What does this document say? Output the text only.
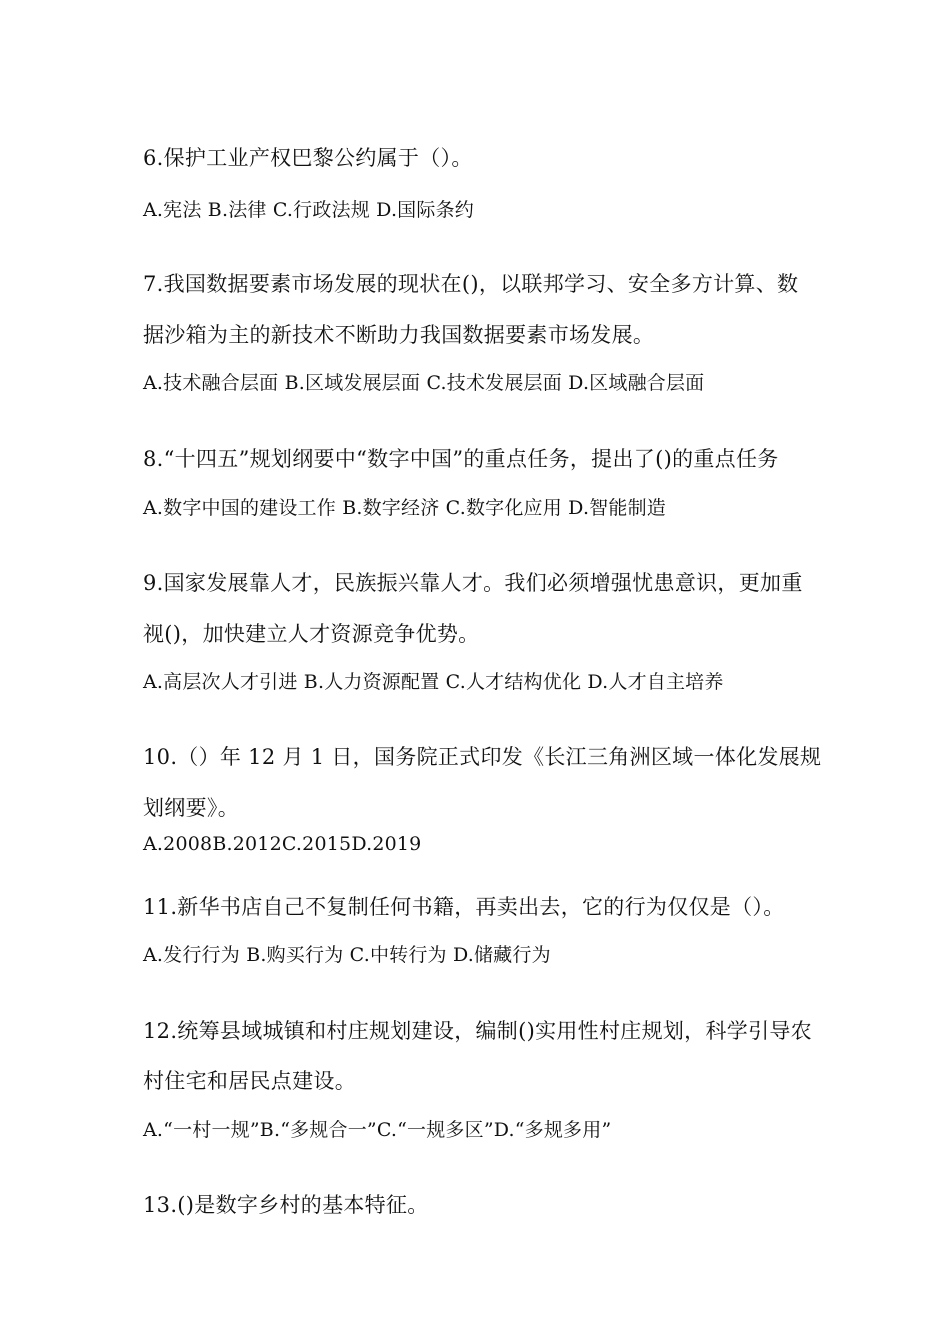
6.保护工业产权巴黎公约属于（）。
A.宪法 B.法律 C.行政法规 D.国际条约
7.我国数据要素市场发展的现状在()，以联邦学习、安全多方计算、数
据沙箱为主的新技术不断助力我国数据要素市场发展。
A.技术融合层面 B.区域发展层面 C.技术发展层面 D.区域融合层面
8.“十四五”规划纲要中“数字中国”的重点任务，提出了()的重点任务
A.数字中国的建设工作 B.数字经济 C.数字化应用 D.智能制造
9.国家发展靠人才，民族振兴靠人才。我们必须增强忧患意识，更加重
视()，加快建立人才资源竞争优势。
A.高层次人才引进 B.人力资源配置 C.人才结构优化 D.人才自主培养
10.（）年 12 月 1 日，国务院正式印发《长江三角洲区域一体化发展规
划纲要》。
A.2008B.2012C.2015D.2019
11.新华书店自己不复制任何书籍，再卖出去，它的行为仅仅是（）。
A.发行行为 B.购买行为 C.中转行为 D.储藏行为
12.统筹县域城镇和村庄规划建设，编制()实用性村庄规划，科学引导农
村住宅和居民点建设。
A.“一村一规”B.“多规合一”C.“一规多区”D.“多规多用”
13.()是数字乡村的基本特征。
